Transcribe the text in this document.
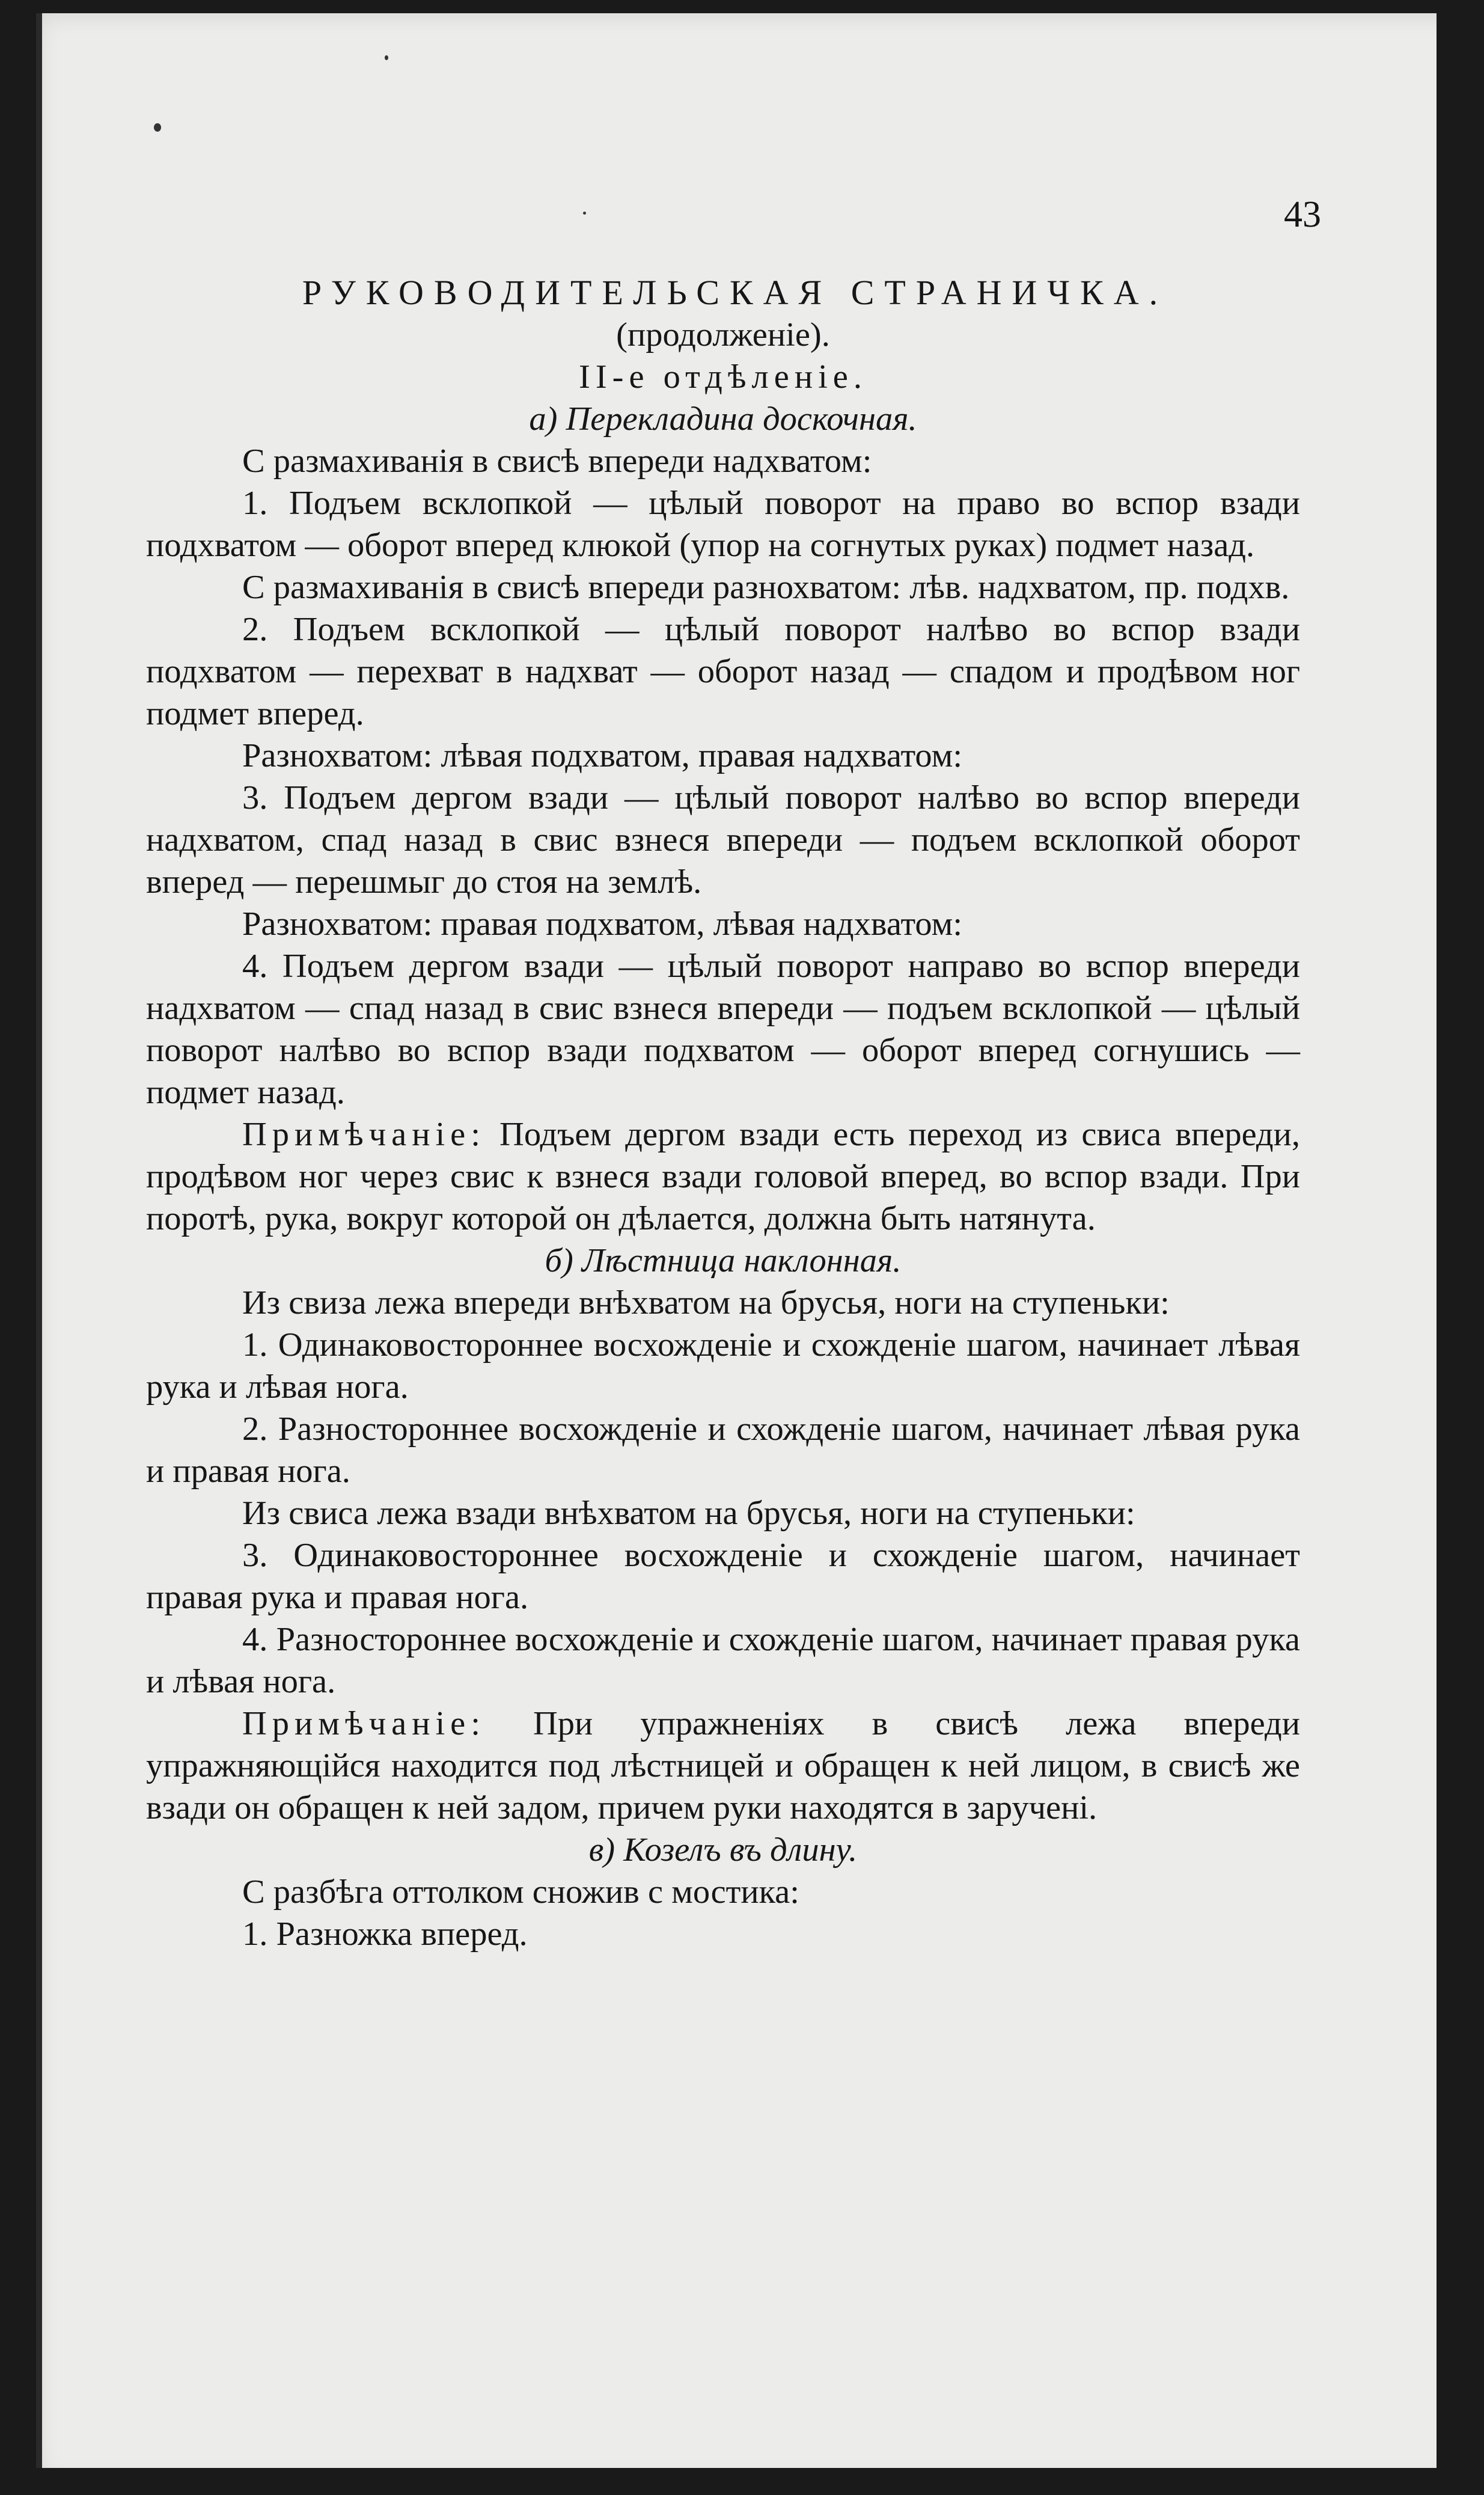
43
РУКОВОДИТЕЛЬСКАЯ СТРАНИЧКА.
(продолженіе).
II-е отдѣленіе.
а) Перекладина доскочная.

С размахиванія в свисѣ впереди надхватом:

1. Подъем всклопкой — цѣлый поворот на право во вспор взади подхватом — оборот вперед клюкой (упор на согнутых руках) подмет назад.

С размахиванія в свисѣ впереди разнохватом: лѣв. надхватом, пр. подхв.

2. Подъем всклопкой — цѣлый поворот налѣво во вспор взади подхватом — перехват в надхват — оборот назад — спадом и продѣвом ног подмет вперед.

Разнохватом: лѣвая подхватом, правая надхватом:

3. Подъем дергом взади — цѣлый поворот налѣво во вспор впереди надхватом, спад назад в свис взнеся впереди — подъем всклопкой оборот вперед — перешмыг до стоя на землѣ.

Разнохватом: правая подхватом, лѣвая надхватом:

4. Подъем дергом взади — цѣлый поворот направо во вспор впереди надхватом — спад назад в свис взнеся впереди — подъем всклопкой — цѣлый поворот налѣво во вспор взади подхватом — оборот вперед согнушись — подмет назад.

Примѣчаніе: Подъем дергом взади есть переход из свиса впереди, продѣвом ног через свис к взнеся взади головой вперед, во вспор взади. При поротѣ, рука, вокруг которой он дѣлается, должна быть натянута.

б) Лѣстница наклонная.

Из свиза лежа впереди внѣхватом на брусья, ноги на ступеньки:

1. Одинаковостороннее восхожденіе и схожденіе шагом, начинает лѣвая рука и лѣвая нога.

2. Разностороннее восхожденіе и схожденіе шагом, начинает лѣвая рука и правая нога.

Из свиса лежа взади внѣхватом на брусья, ноги на ступеньки:

3. Одинаковостороннее восхожденіе и схожденіе шагом, начинает правая рука и правая нога.

4. Разностороннее восхожденіе и схожденіе шагом, начинает правая рука и лѣвая нога.

Примѣчаніе: При упражненіях в свисѣ лежа впереди упражняющійся находится под лѣстницей и обращен к ней лицом, в свисѣ же взади он обращен к ней задом, причем руки находятся в заручені.

в) Козелъ въ длину.

С разбѣга оттолком сножив с мостика:

1. Разножка вперед.
